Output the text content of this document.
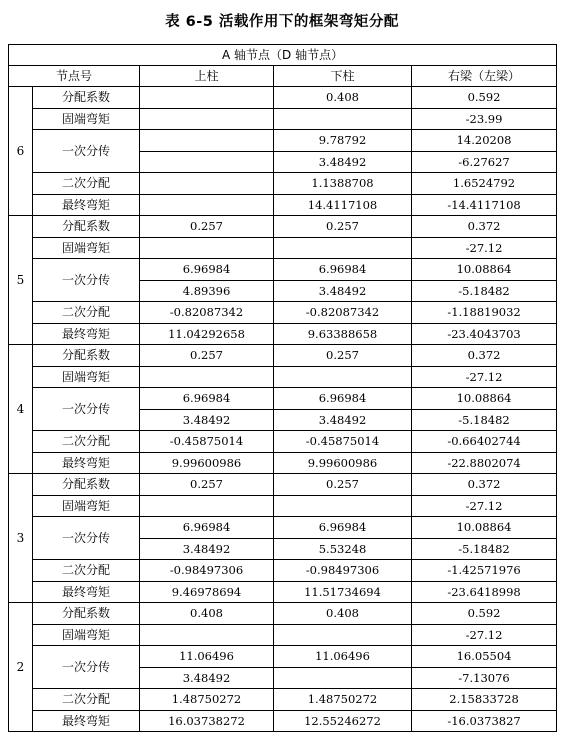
表 6-5 活载作用下的框架弯矩分配
A 轴节点（D 轴节点）				
节点号		上柱	下柱	右梁（左梁）
6	分配系数		0.408	0.592
	固端弯矩			-23.99
	一次分传		9.78792	14.20208
			3.48492	-6.27627
	二次分配		1.1388708	1.6524792
	最终弯矩		14.4117108	-14.4117108
5	分配系数	0.257	0.257	0.372
	固端弯矩			-27.12
	一次分传	6.96984	6.96984	10.08864
		4.89396	3.48492	-5.18482
	二次分配	-0.82087342	-0.82087342	-1.18819032
	最终弯矩	11.04292658	9.63388658	-23.4043703
4	分配系数	0.257	0.257	0.372
	固端弯矩			-27.12
	一次分传	6.96984	6.96984	10.08864
		3.48492	3.48492	-5.18482
	二次分配	-0.45875014	-0.45875014	-0.66402744
	最终弯矩	9.99600986	9.99600986	-22.8802074
3	分配系数	0.257	0.257	0.372
	固端弯矩			-27.12
	一次分传	6.96984	6.96984	10.08864
		3.48492	5.53248	-5.18482
	二次分配	-0.98497306	-0.98497306	-1.42571976
	最终弯矩	9.46978694	11.51734694	-23.6418998
2	分配系数	0.408	0.408	0.592
	固端弯矩			-27.12
	一次分传	11.06496	11.06496	16.05504
		3.48492		-7.13076
	二次分配	1.48750272	1.48750272	2.15833728
	最终弯矩	16.03738272	12.55246272	-16.0373827
